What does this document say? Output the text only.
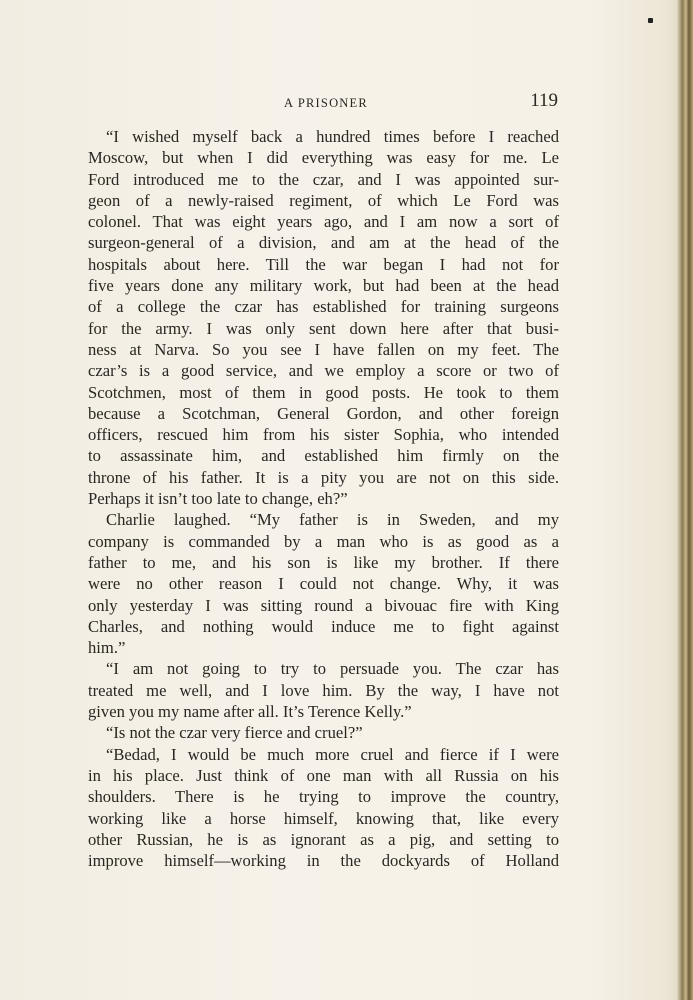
A PRISONER	119
“I wished myself back a hundred times before I reached
Moscow, but when I did everything was easy for me. Le
Ford introduced me to the czar, and I was appointed sur-
geon of a newly-raised regiment, of which Le Ford was
colonel. That was eight years ago, and I am now a sort of
surgeon-general of a division, and am at the head of the
hospitals about here. Till the war began I had not for
five years done any military work, but had been at the head
of a college the czar has established for training surgeons
for the army. I was only sent down here after that busi-
ness at Narva. So you see I have fallen on my feet. The
czar’s is a good service, and we employ a score or two of
Scotchmen, most of them in good posts. He took to them
because a Scotchman, General Gordon, and other foreign
officers, rescued him from his sister Sophia, who intended
to assassinate him, and established him firmly on the
throne of his father. It is a pity you are not on this side.
Perhaps it isn’t too late to change, eh?”
Charlie laughed. “My father is in Sweden, and my
company is commanded by a man who is as good as a
father to me, and his son is like my brother. If there
were no other reason I could not change. Why, it was
only yesterday I was sitting round a bivouac fire with King
Charles, and nothing would induce me to fight against
him.”
“I am not going to try to persuade you. The czar has
treated me well, and I love him. By the way, I have not
given you my name after all. It’s Terence Kelly.”
“Is not the czar very fierce and cruel?”
“Bedad, I would be much more cruel and fierce if I were
in his place. Just think of one man with all Russia on his
shoulders. There is he trying to improve the country,
working like a horse himself, knowing that, like every
other Russian, he is as ignorant as a pig, and setting to
improve himself—working in the dockyards of Holland
